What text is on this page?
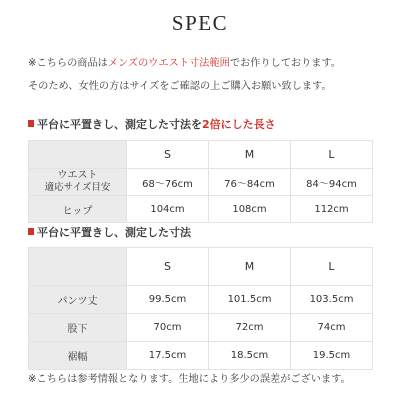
SPEC

※こちらの商品はメンズのウエスト寸法範囲でお作りしております。

そのため、女性の方はサイズをご確認の上ご購入お願い致します。

平台に平置きし、測定した寸法を2倍にした長さ
	S	M	L

ウエスト
適応サイズ目安	68〜76cm	76〜84cm	84〜94cm
ヒップ	104cm	108cm	112cm
平台に平置きし、測定した寸法
	S	M	L
パンツ丈	99.5cm	101.5cm	103.5cm
股下	70cm	72cm	74cm
裾幅	17.5cm	18.5cm	19.5cm

※こちらは参考情報となります。生地により多少の誤差がございます。
